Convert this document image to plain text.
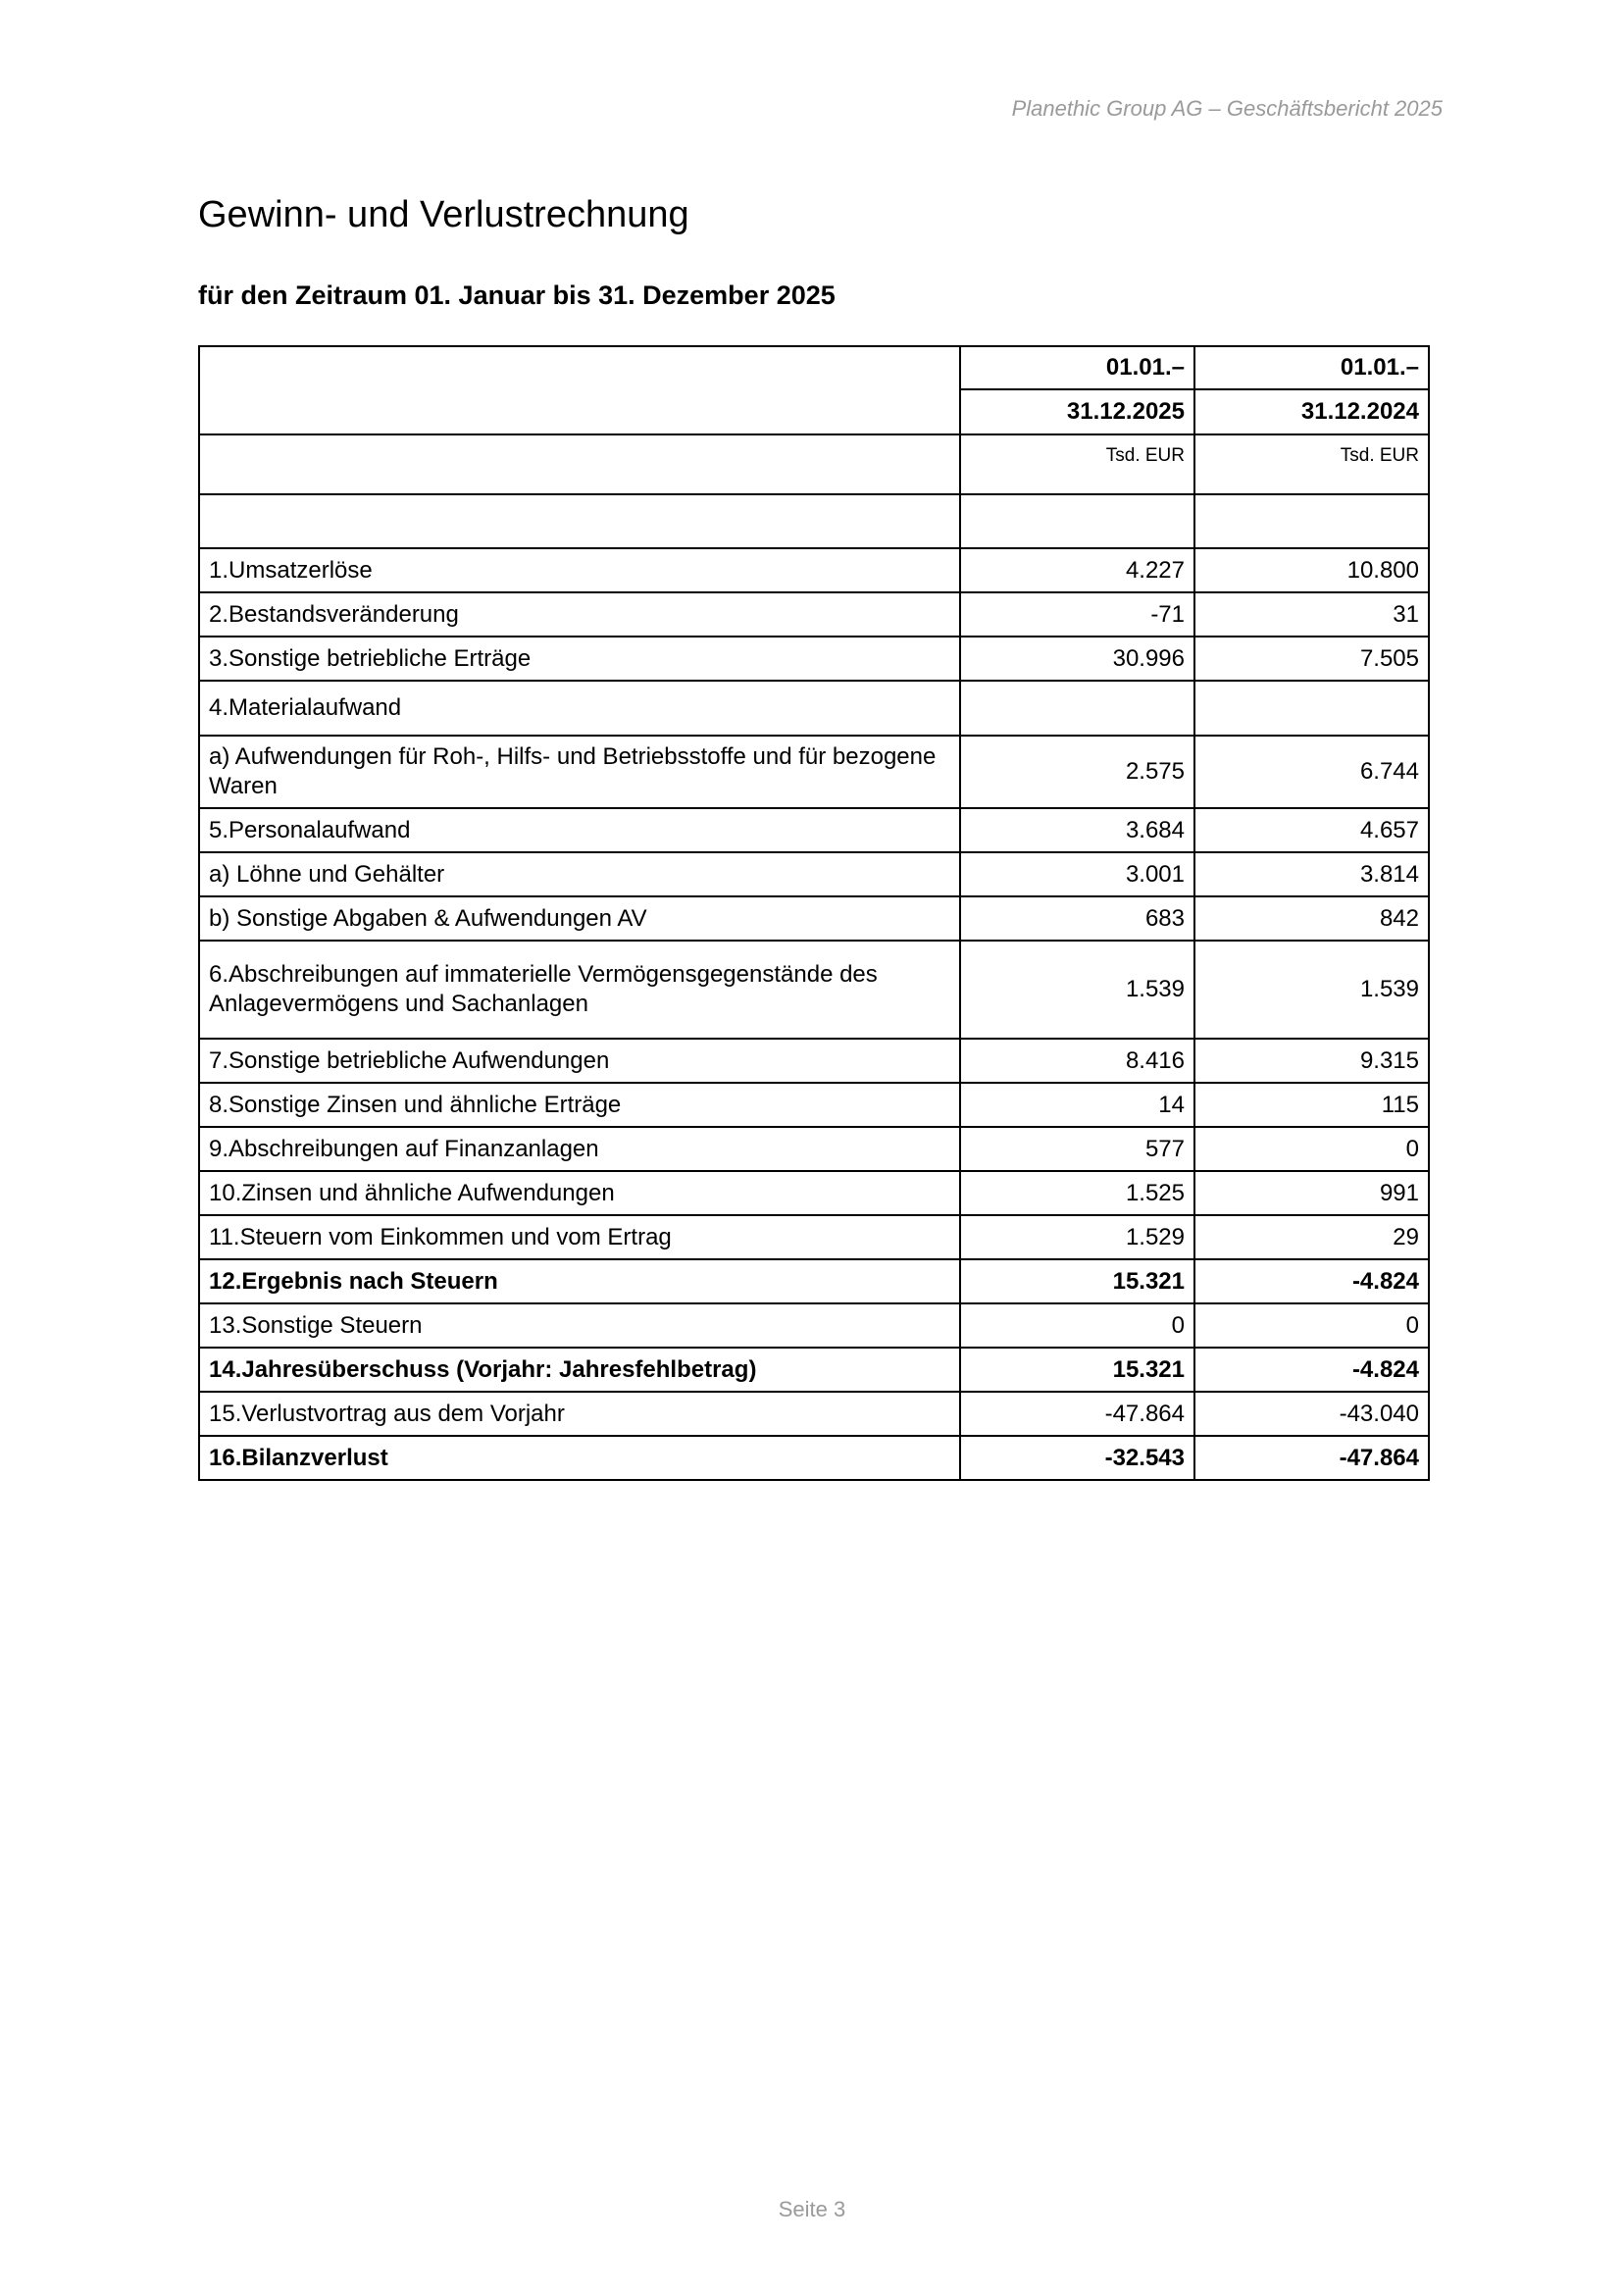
Planethic Group AG – Geschäftsbericht 2025
Gewinn- und Verlustrechnung
für den Zeitraum 01. Januar bis 31. Dezember 2025
	01.01.–	01.01.–
	31.12.2025	31.12.2024
	Tsd. EUR	Tsd. EUR

1.Umsatzerlöse	4.227	10.800
2.Bestandsveränderung	-71	31
3.Sonstige betriebliche Erträge	30.996	7.505
4.Materialaufwand		
a) Aufwendungen für Roh-, Hilfs- und Betriebsstoffe und für bezogene Waren	2.575	6.744
5.Personalaufwand	3.684	4.657
a) Löhne und Gehälter	3.001	3.814
b) Sonstige Abgaben & Aufwendungen AV	683	842
6.Abschreibungen auf immaterielle Vermögensgegenstände des Anlagevermögens und Sachanlagen	1.539	1.539
7.Sonstige betriebliche Aufwendungen	8.416	9.315
8.Sonstige Zinsen und ähnliche Erträge	14	115
9.Abschreibungen auf Finanzanlagen	577	0
10.Zinsen und ähnliche Aufwendungen	1.525	991
11.Steuern vom Einkommen und vom Ertrag	1.529	29
12.Ergebnis nach Steuern	15.321	-4.824
13.Sonstige Steuern	0	0
14.Jahresüberschuss (Vorjahr: Jahresfehlbetrag)	15.321	-4.824
15.Verlustvortrag aus dem Vorjahr	-47.864	-43.040
16.Bilanzverlust	-32.543	-47.864
Seite 3
